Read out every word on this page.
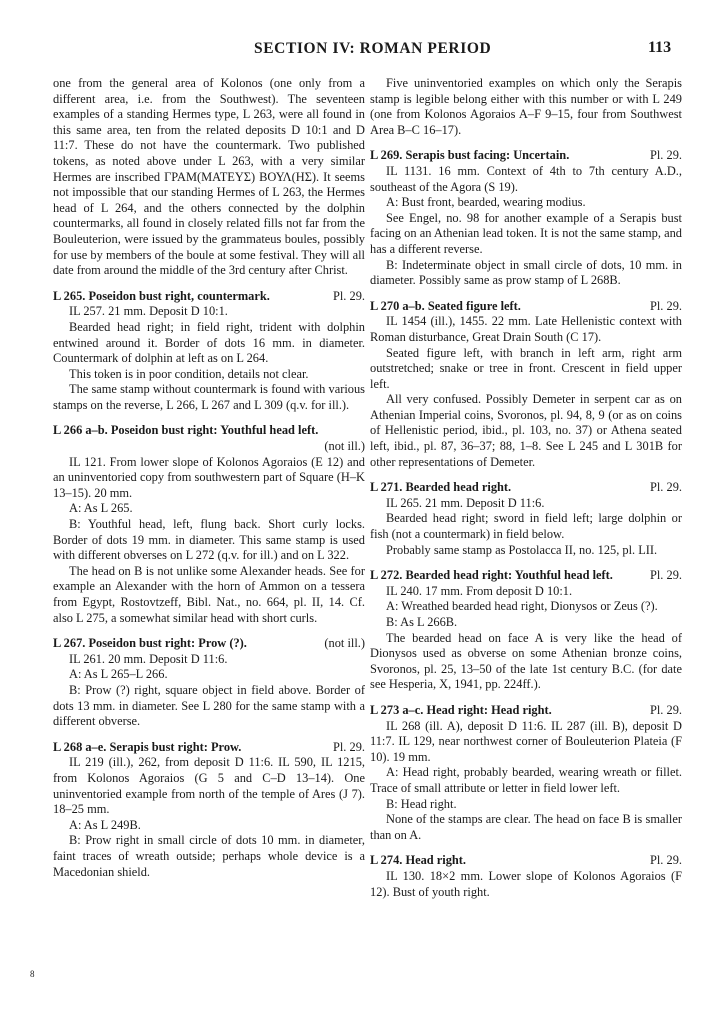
SECTION IV: ROMAN PERIOD	113

one from the general area of Kolonos (one only from a different area, i.e. from the Southwest). The seventeen examples of a standing Hermes type, L 263, were all found in this same area, ten from the related deposits D 10:1 and D 11:7. These do not have the countermark. Two published tokens, as noted above under L 263, with a very similar Hermes are inscribed ΓΡΑΜ(ΜΑΤΕΥΣ) ΒΟΥΛ(ΗΣ). It seems not impossible that our standing Hermes of L 263, the Hermes head of L 264, and the others connected by the dolphin countermarks, all found in closely related fills not far from the Bouleuterion, were issued by the grammateus boules, possibly for use by members of the boule at some festival. They will all date from around the middle of the 3rd century after Christ.

L 265. Poseidon bust right, countermark.	Pl. 29.

IL 257. 21 mm. Deposit D 10:1.

Bearded head right; in field right, trident with dolphin entwined around it. Border of dots 16 mm. in diameter. Countermark of dolphin at left as on L 264.

This token is in poor condition, details not clear.

The same stamp without countermark is found with various stamps on the reverse, L 266, L 267 and L 309 (q.v. for ill.).

L 266 a–b. Poseidon bust right: Youthful head left.

(not ill.)

IL 121. From lower slope of Kolonos Agoraios (E 12) and an uninventoried copy from southwestern part of Square (H–K 13–15). 20 mm.

A: As L 265.

B: Youthful head, left, flung back. Short curly locks. Border of dots 19 mm. in diameter. This same stamp is used with different obverses on L 272 (q.v. for ill.) and on L 322.

The head on B is not unlike some Alexander heads. See for example an Alexander with the horn of Ammon on a tessera from Egypt, Rostovtzeff, Bibl. Nat., no. 664, pl. II, 14. Cf. also L 275, a somewhat similar head with short curls.

L 267. Poseidon bust right: Prow (?).	(not ill.)

IL 261. 20 mm. Deposit D 11:6.

A: As L 265–L 266.

B: Prow (?) right, square object in field above. Border of dots 13 mm. in diameter. See L 280 for the same stamp with a different obverse.

L 268 a–e. Serapis bust right: Prow.	Pl. 29.

IL 219 (ill.), 262, from deposit D 11:6. IL 590, IL 1215, from Kolonos Agoraios (G 5 and C–D 13–14). One uninventoried example from north of the temple of Ares (J 7). 18–25 mm.

A: As L 249B.

B: Prow right in small circle of dots 10 mm. in diameter, faint traces of wreath outside; perhaps whole device is a Macedonian shield.

Five uninventoried examples on which only the Serapis stamp is legible belong either with this number or with L 249 (one from Kolonos Agoraios A–F 9–15, four from Southwest Area B–C 16–17).

L 269. Serapis bust facing: Uncertain.	Pl. 29.

IL 1131. 16 mm. Context of 4th to 7th century A.D., southeast of the Agora (S 19).

A: Bust front, bearded, wearing modius.

See Engel, no. 98 for another example of a Serapis bust facing on an Athenian lead token. It is not the same stamp, and has a different reverse.

B: Indeterminate object in small circle of dots, 10 mm. in diameter. Possibly same as prow stamp of L 268B.

L 270 a–b. Seated figure left.	Pl. 29.

IL 1454 (ill.), 1455. 22 mm. Late Hellenistic context with Roman disturbance, Great Drain South (C 17).

Seated figure left, with branch in left arm, right arm outstretched; snake or tree in front. Crescent in field upper left.

All very confused. Possibly Demeter in serpent car as on Athenian Imperial coins, Svoronos, pl. 94, 8, 9 (or as on coins of Hellenistic period, ibid., pl. 103, no. 37) or Athena seated left, ibid., pl. 87, 36–37; 88, 1–8. See L 245 and L 301B for other representations of Demeter.

L 271. Bearded head right.	Pl. 29.

IL 265. 21 mm. Deposit D 11:6.

Bearded head right; sword in field left; large dolphin or fish (not a countermark) in field below.

Probably same stamp as Postolacca II, no. 125, pl. LII.

L 272. Bearded head right: Youthful head left.	Pl. 29.

IL 240. 17 mm. From deposit D 10:1.

A: Wreathed bearded head right, Dionysos or Zeus (?).

B: As L 266B.

The bearded head on face A is very like the head of Dionysos used as obverse on some Athenian bronze coins, Svoronos, pl. 25, 13–50 of the late 1st century B.C. (for date see Hesperia, X, 1941, pp. 224ff.).

L 273 a–c. Head right: Head right.	Pl. 29.

IL 268 (ill. A), deposit D 11:6. IL 287 (ill. B), deposit D 11:7. IL 129, near northwest corner of Bouleuterion Plateia (F 10). 19 mm.

A: Head right, probably bearded, wearing wreath or fillet. Trace of small attribute or letter in field lower left.

B: Head right.

None of the stamps are clear. The head on face B is smaller than on A.

L 274. Head right.	Pl. 29.

IL 130. 18×2 mm. Lower slope of Kolonos Agoraios (F 12). Bust of youth right.

8
